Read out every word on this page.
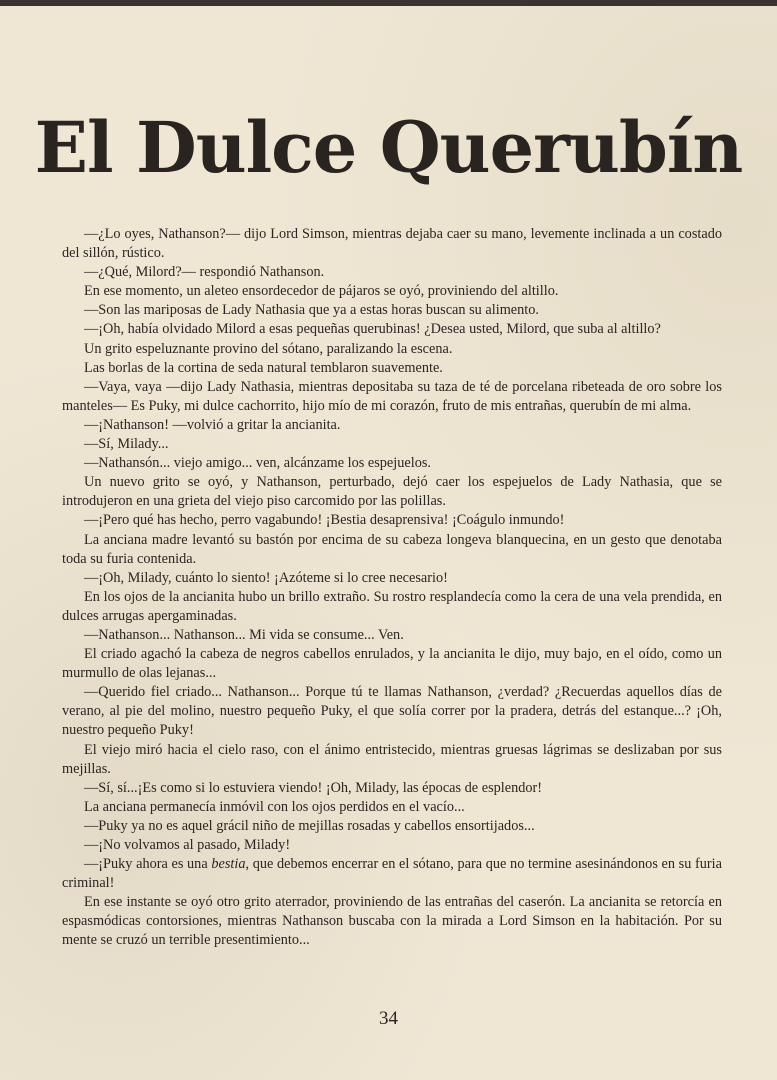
El Dulce Querubín

—¿Lo oyes, Nathanson?— dijo Lord Simson, mientras dejaba caer su mano, levemente inclinada a un costado del sillón, rústico.

—¿Qué, Milord?— respondió Nathanson.

En ese momento, un aleteo ensordecedor de pájaros se oyó, proviniendo del altillo.

—Son las mariposas de Lady Nathasia que ya a estas horas buscan su alimento.

—¡Oh, había olvidado Milord a esas pequeñas querubinas! ¿Desea usted, Milord, que suba al altillo?

Un grito espeluznante provino del sótano, paralizando la escena.

Las borlas de la cortina de seda natural temblaron suavemente.

—Vaya, vaya —dijo Lady Nathasia, mientras depositaba su taza de té de porcelana ribeteada de oro sobre los manteles— Es Puky, mi dulce cachorrito, hijo mío de mi corazón, fruto de mis entrañas, querubín de mi alma.

—¡Nathanson! —volvió a gritar la ancianita.

—Sí, Milady...

—Nathansón... viejo amigo... ven, alcánzame los espejuelos.

Un nuevo grito se oyó, y Nathanson, perturbado, dejó caer los espejuelos de Lady Nathasia, que se introdujeron en una grieta del viejo piso carcomido por las polillas.

—¡Pero qué has hecho, perro vagabundo! ¡Bestia desaprensiva! ¡Coágulo inmundo!

La anciana madre levantó su bastón por encima de su cabeza longeva blanquecina, en un gesto que denotaba toda su furia contenida.

—¡Oh, Milady, cuánto lo siento! ¡Azóteme si lo cree necesario!

En los ojos de la ancianita hubo un brillo extraño. Su rostro resplandecía como la cera de una vela prendida, en dulces arrugas apergaminadas.

—Nathanson... Nathanson... Mi vida se consume... Ven.

El criado agachó la cabeza de negros cabellos enrulados, y la ancianita le dijo, muy bajo, en el oído, como un murmullo de olas lejanas...

—Querido fiel criado... Nathanson... Porque tú te llamas Nathanson, ¿verdad? ¿Recuerdas aquellos días de verano, al pie del molino, nuestro pequeño Puky, el que solía correr por la pradera, detrás del estanque...? ¡Oh, nuestro pequeño Puky!

El viejo miró hacia el cielo raso, con el ánimo entristecido, mientras gruesas lágrimas se deslizaban por sus mejillas.

—Sí, sí...¡Es como si lo estuviera viendo! ¡Oh, Milady, las épocas de esplendor!

La anciana permanecía inmóvil con los ojos perdidos en el vacío...

—Puky ya no es aquel grácil niño de mejillas rosadas y cabellos ensortijados...

—¡No volvamos al pasado, Milady!

—¡Puky ahora es una bestia, que debemos encerrar en el sótano, para que no termine asesinándonos en su furia criminal!

En ese instante se oyó otro grito aterrador, proviniendo de las entrañas del caserón. La ancianita se retorcía en espasmódicas contorsiones, mientras Nathanson buscaba con la mirada a Lord Simson en la habitación. Por su mente se cruzó un terrible presentimiento...

34
